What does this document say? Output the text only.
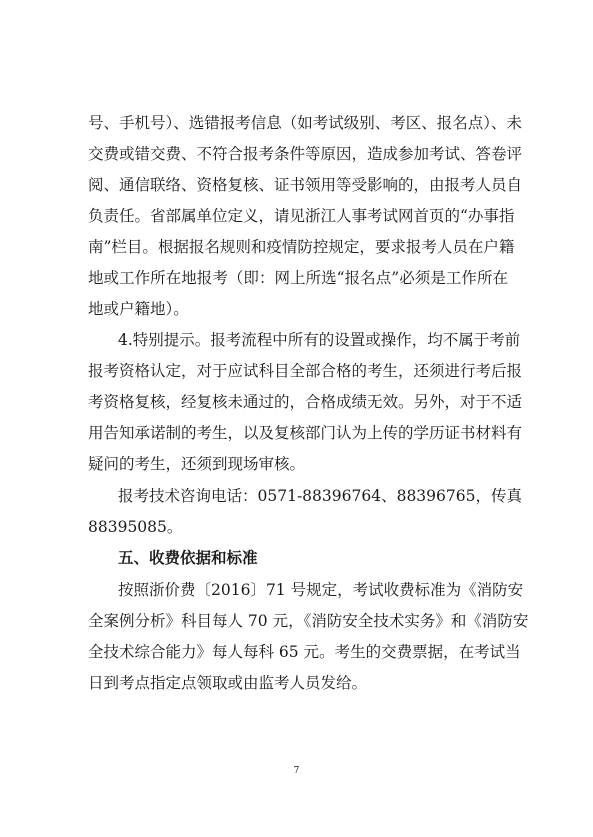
号、手机号）、选错报考信息（如考试级别、考区、报名点）、未
交费或错交费、不符合报考条件等原因，造成参加考试、答卷评
阅、通信联络、资格复核、证书领用等受影响的，由报考人员自
负责任。省部属单位定义，请见浙江人事考试网首页的“办事指
南”栏目。根据报名规则和疫情防控规定，要求报考人员在户籍
地或工作所在地报考（即：网上所选“报名点”必须是工作所在
地或户籍地）。
4.特别提示。报考流程中所有的设置或操作，均不属于考前
报考资格认定，对于应试科目全部合格的考生，还须进行考后报
考资格复核，经复核未通过的，合格成绩无效。另外，对于不适
用告知承诺制的考生，以及复核部门认为上传的学历证书材料有
疑问的考生，还须到现场审核。
报考技术咨询电话：0571-88396764、88396765，传真
88395085。
五、收费依据和标准
按照浙价费〔2016〕71 号规定，考试收费标准为《消防安
全案例分析》科目每人 70 元，《消防安全技术实务》和《消防安
全技术综合能力》每人每科 65 元。考生的交费票据，在考试当
日到考点指定点领取或由监考人员发给。
7
